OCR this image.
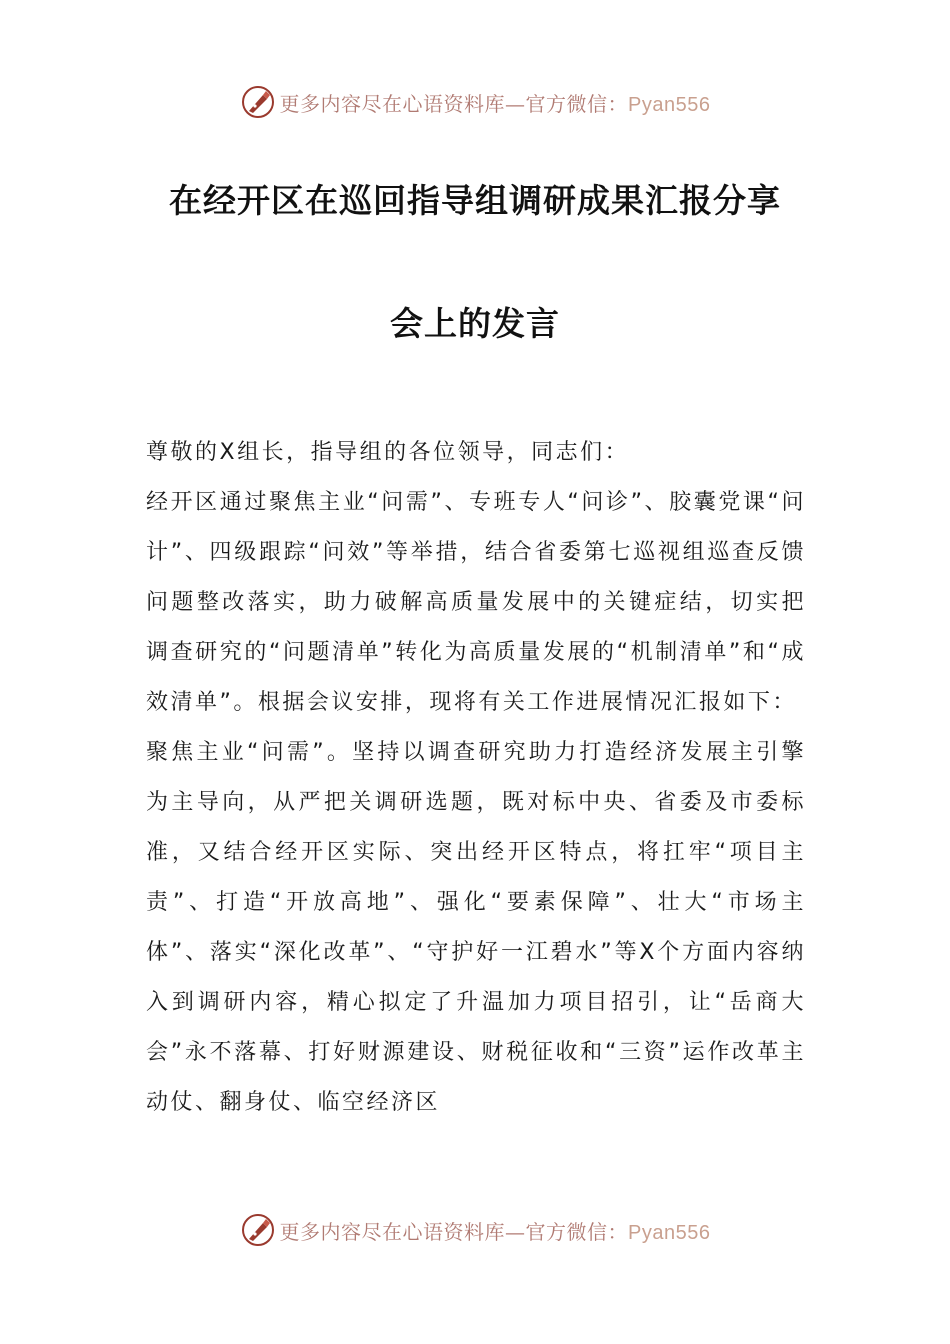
更多内容尽在心语资料库—官方微信：Pyan556
在经开区在巡回指导组调研成果汇报分享
会上的发言

尊敬的X组长，指导组的各位领导，同志们：

经开区通过聚焦主业“问需”、专班专人“问诊”、胶囊党课“问计”、四级跟踪“问效”等举措，结合省委第七巡视组巡查反馈问题整改落实，助力破解高质量发展中的关键症结，切实把调查研究的“问题清单”转化为高质量发展的“机制清单”和“成效清单”。根据会议安排，现将有关工作进展情况汇报如下：

聚焦主业“问需”。坚持以调查研究助力打造经济发展主引擎为主导向，从严把关调研选题，既对标中央、省委及市委标准，又结合经开区实际、突出经开区特点，将扛牢“项目主责”、打造“开放高地”、强化“要素保障”、壮大“市场主体”、落实“深化改革”、“守护好一江碧水”等X个方面内容纳入到调研内容，精心拟定了升温加力项目招引，让“岳商大会”永不落幕、打好财源建设、财税征收和“三资”运作改革主动仗、翻身仗、临空经济区

更多内容尽在心语资料库—官方微信：Pyan556
